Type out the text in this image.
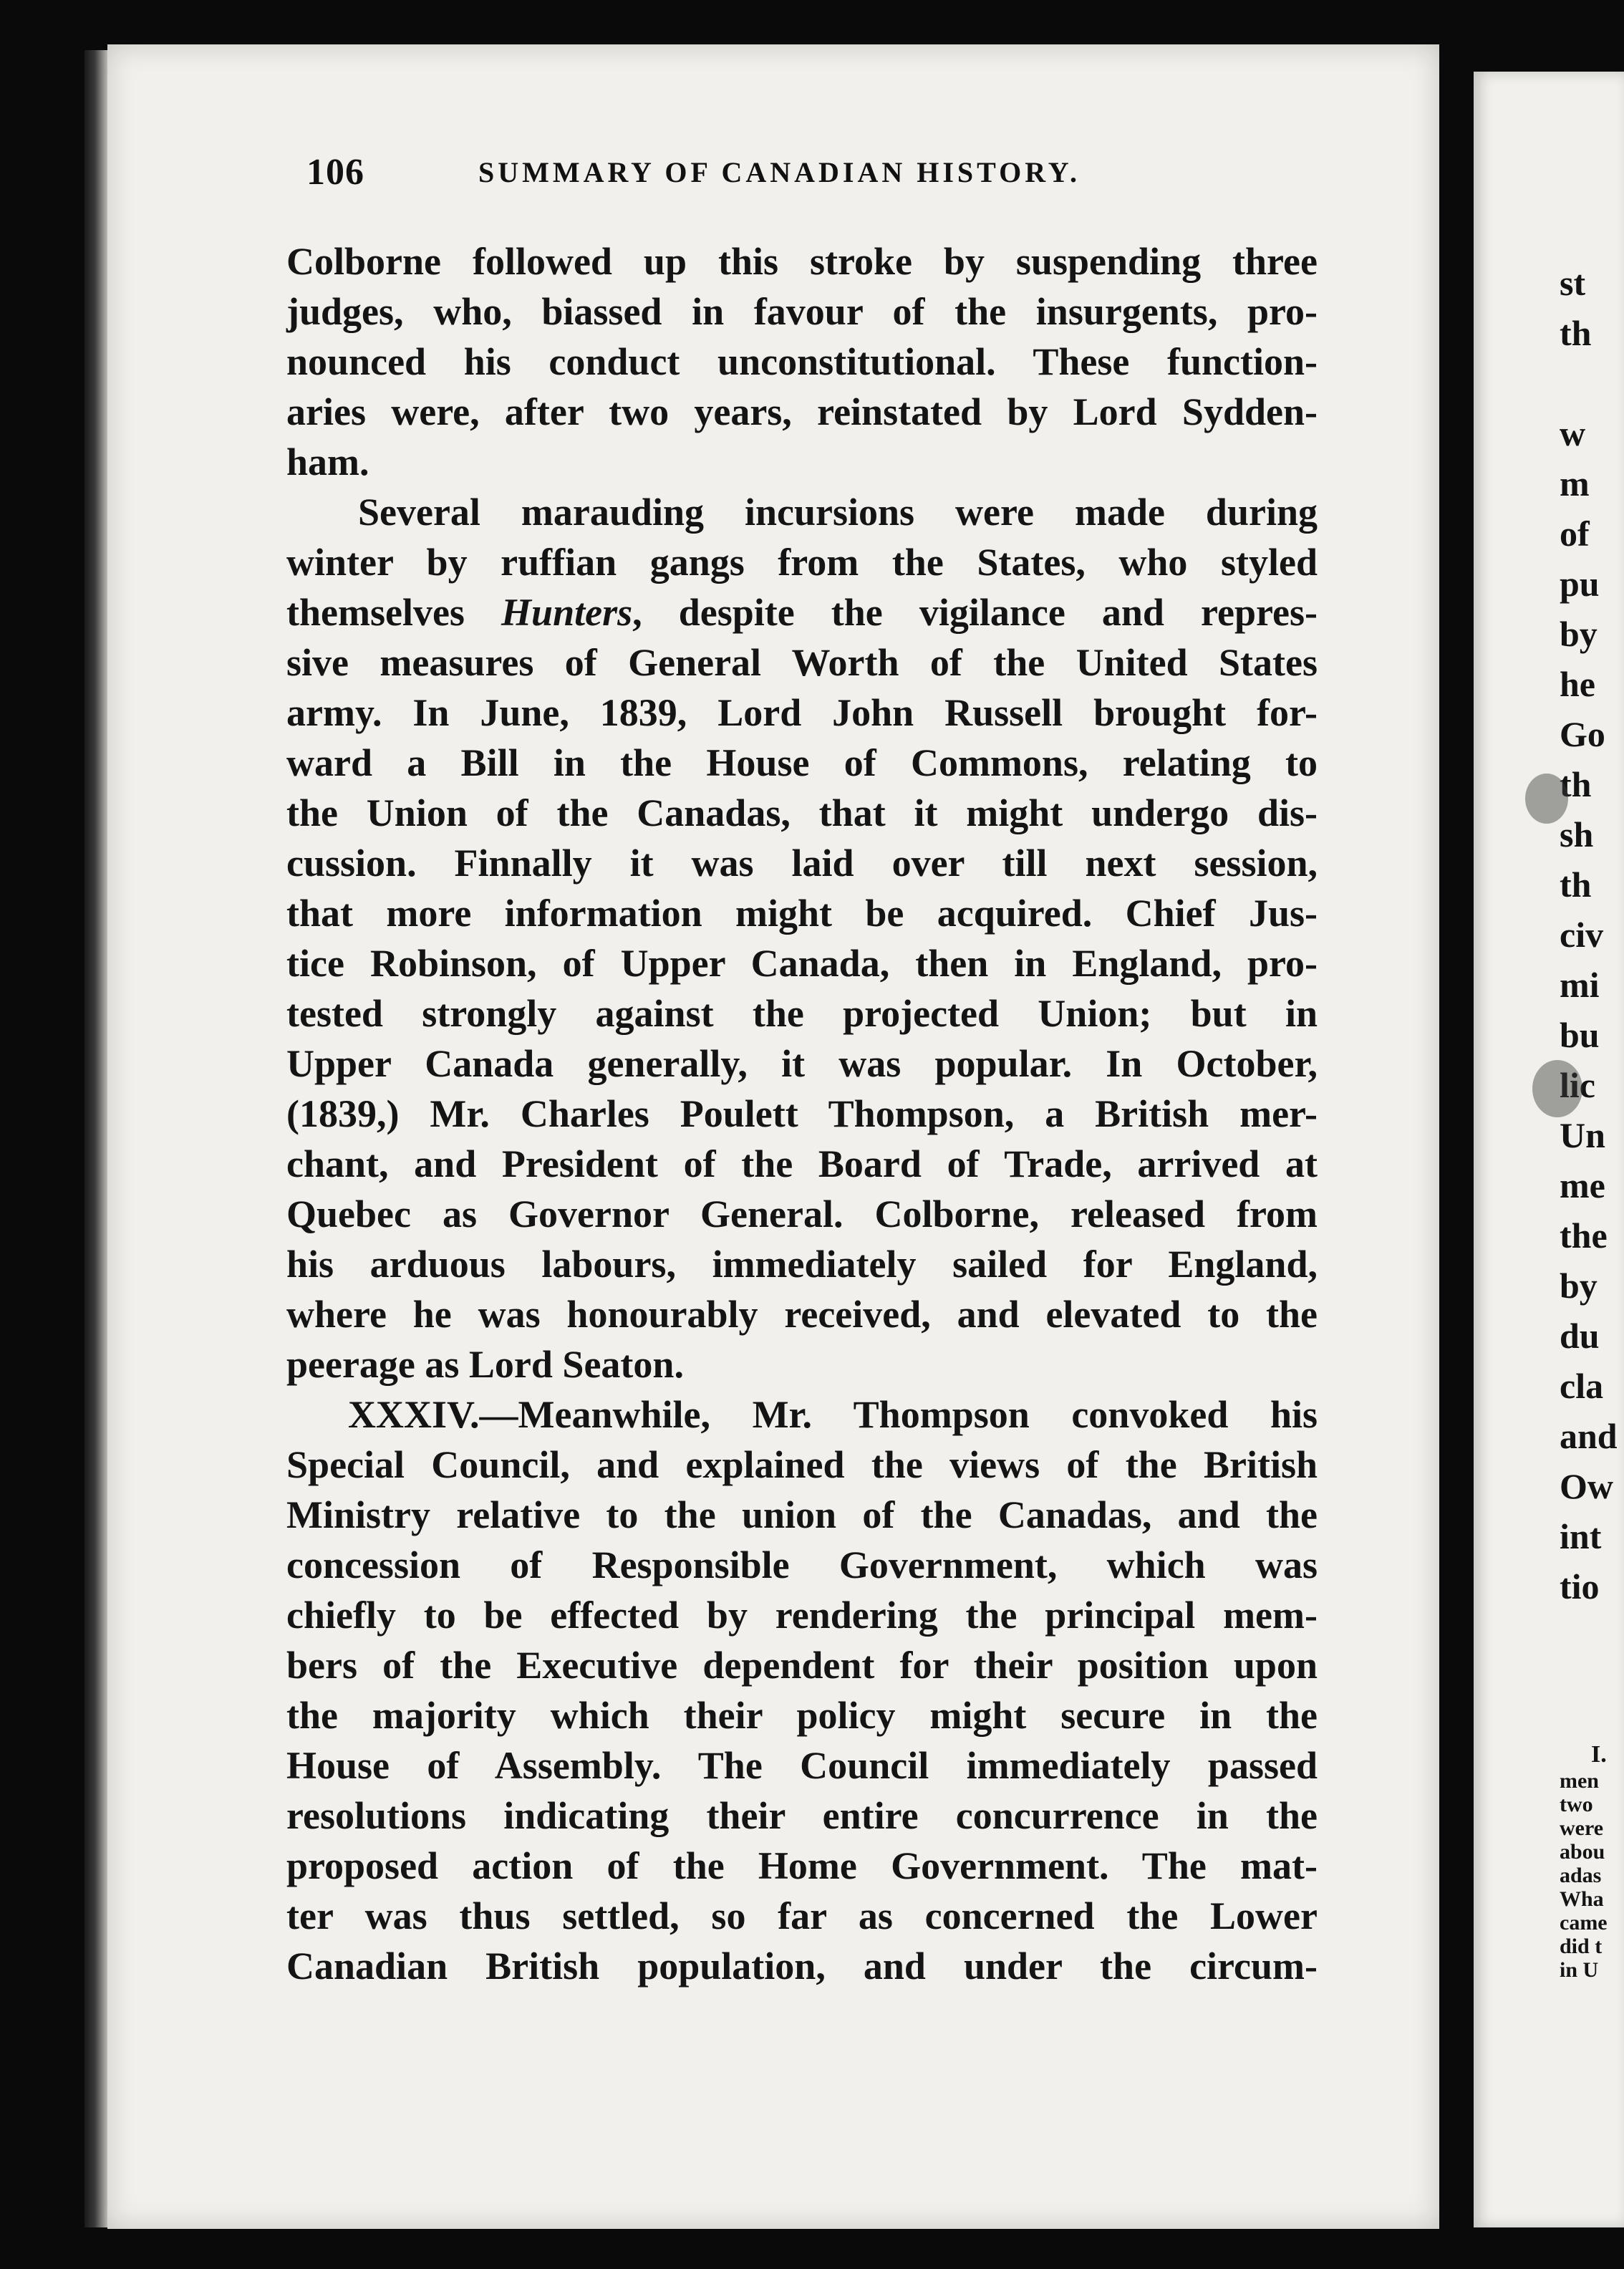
106	SUMMARY OF CANADIAN HISTORY.
Colborne followed up this stroke by suspending three
judges, who, biassed in favour of the insurgents, pro-
nounced his conduct unconstitutional. These function-
aries were, after two years, reinstated by Lord Sydden-
ham.
Several marauding incursions were made during
winter by ruffian gangs from the States, who styled
themselves Hunters, despite the vigilance and repres-
sive measures of General Worth of the United States
army. In June, 1839, Lord John Russell brought for-
ward a Bill in the House of Commons, relating to
the Union of the Canadas, that it might undergo dis-
cussion. Finnally it was laid over till next session,
that more information might be acquired. Chief Jus-
tice Robinson, of Upper Canada, then in England, pro-
tested strongly against the projected Union; but in
Upper Canada generally, it was popular. In October,
(1839,) Mr. Charles Poulett Thompson, a British mer-
chant, and President of the Board of Trade, arrived at
Quebec as Governor General. Colborne, released from
his arduous labours, immediately sailed for England,
where he was honourably received, and elevated to the
peerage as Lord Seaton.
XXXIV.—Meanwhile, Mr. Thompson convoked his
Special Council, and explained the views of the British
Ministry relative to the union of the Canadas, and the
concession of Responsible Government, which was
chiefly to be effected by rendering the principal mem-
bers of the Executive dependent for their position upon
the majority which their policy might secure in the
House of Assembly. The Council immediately passed
resolutions indicating their entire concurrence in the
proposed action of the Home Government. The mat-
ter was thus settled, so far as concerned the Lower
Canadian British population, and under the circum-
st
th
w
m
of
pu
by
he
Go
th
sh
th
civ
mi
bu
lic
Un
me
the
by
du
cla
and
Ow
int
tio
I.
men
two
were
abou
adas
Wha
came
did t
in U
